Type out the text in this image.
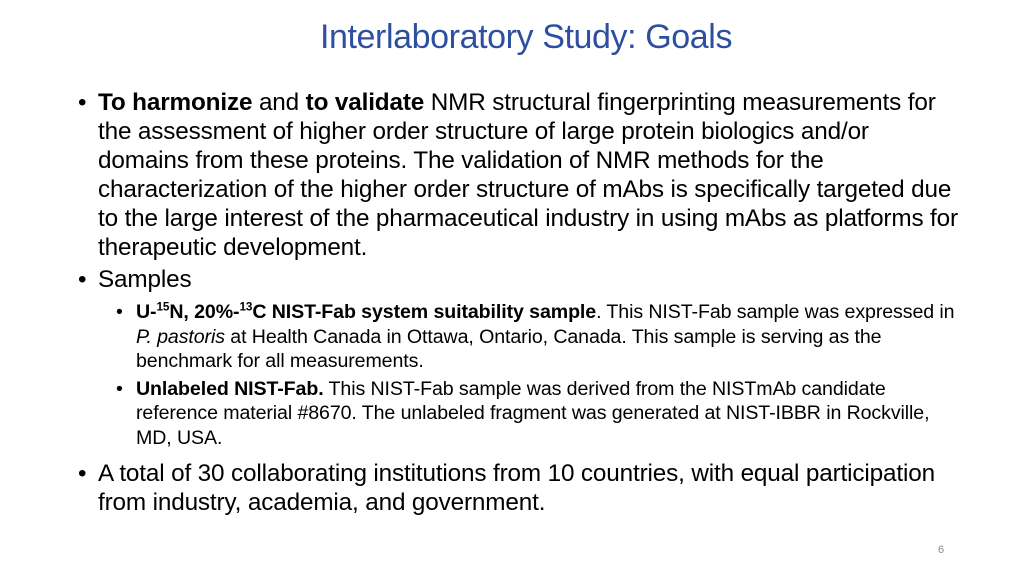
Interlaboratory Study: Goals
• To harmonize and to validate NMR structural fingerprinting measurements for the assessment of higher order structure of large protein biologics and/or domains from these proteins. The validation of NMR methods for the characterization of the higher order structure of mAbs is specifically targeted due to the large interest of the pharmaceutical industry in using mAbs as platforms for therapeutic development.
• Samples
• U-$^{15}$N, 20%-$^{13}$C NIST-Fab system suitability sample. This NIST-Fab sample was expressed in P. pastoris at Health Canada in Ottawa, Ontario, Canada. This sample is serving as the benchmark for all measurements.
• Unlabeled NIST-Fab. This NIST-Fab sample was derived from the NISTmAb candidate reference material #8670. The unlabeled fragment was generated at NIST-IBBR in Rockville, MD, USA.
• A total of 30 collaborating institutions from 10 countries, with equal participation from industry, academia, and government.
6
